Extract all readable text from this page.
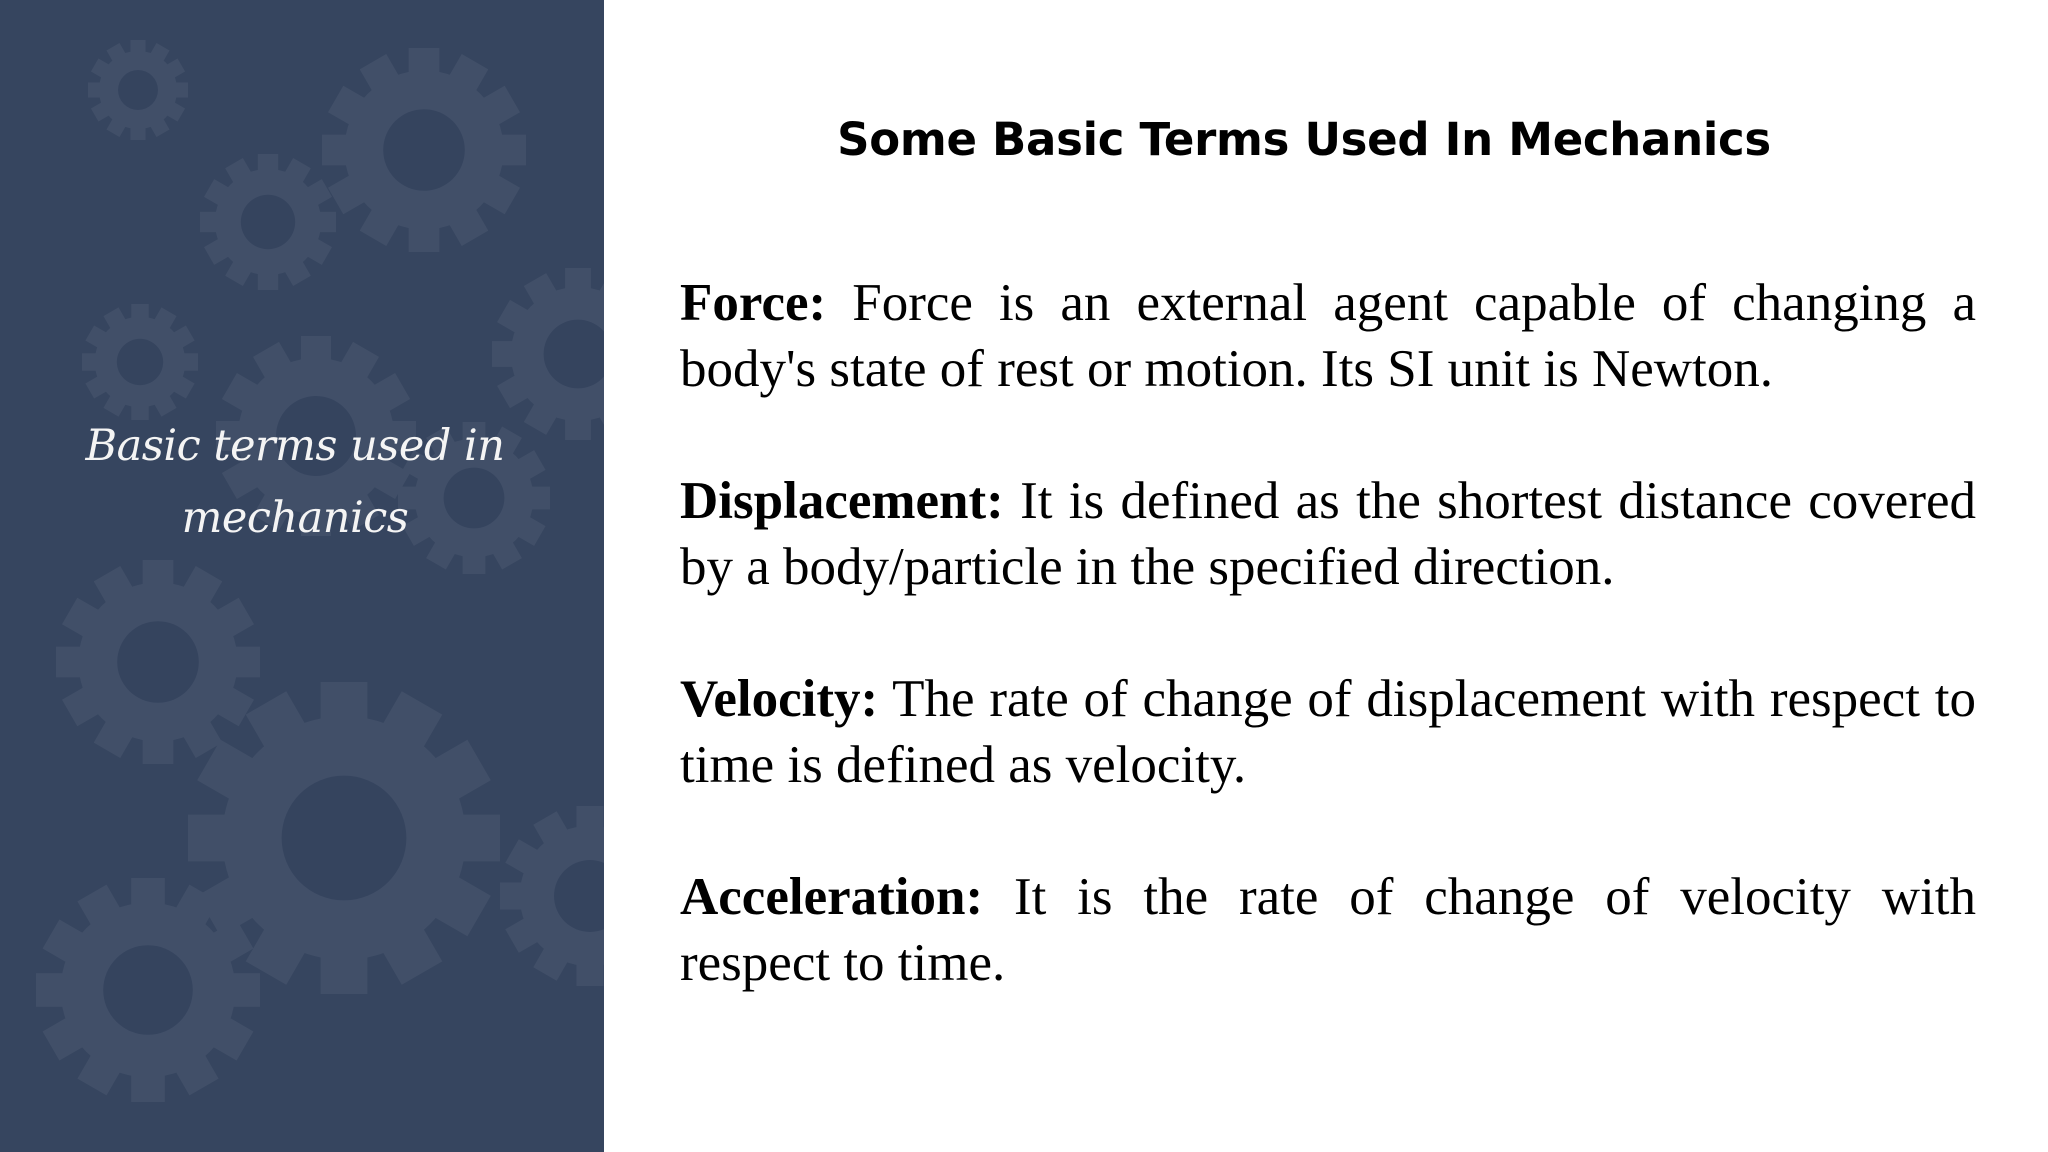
Basic terms used in
mechanics

Some Basic Terms Used In Mechanics

Force: Force is an external agent capable of changing a body's state of rest or motion. Its SI unit is Newton.

Displacement: It is defined as the shortest distance covered by a body/particle in the specified direction.

Velocity: The rate of change of displacement with respect to time is defined as velocity.

Acceleration: It is the rate of change of velocity with respect to time.
